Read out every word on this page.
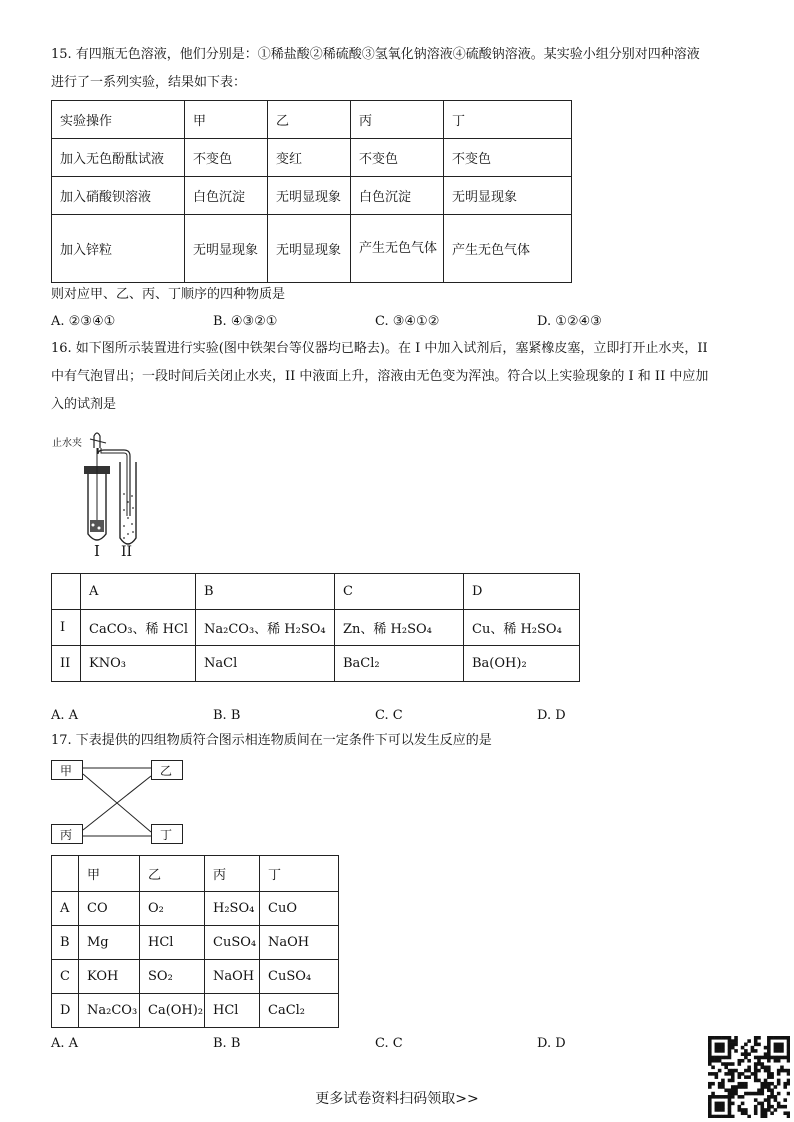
15. 有四瓶无色溶液，他们分别是：①稀盐酸②稀硫酸③氢氧化钠溶液④硫酸钠溶液。某实验小组分别对四种溶液
进行了一系列实验，结果如下表：
实验操作	甲	乙	丙	丁
加入无色酚酞试液	不变色	变红	不变色	不变色
加入硝酸钡溶液	白色沉淀	无明显现象	白色沉淀	无明显现象
加入锌粒	无明显现象	无明显现象	产生无色气体	产生无色气体
则对应甲、乙、丙、丁顺序的四种物质是
A. ②③④①	B. ④③②①	C. ③④①②	D. ①②④③
16. 如下图所示装置进行实验(图中铁架台等仪器均已略去)。在 I 中加入试剂后，塞紧橡皮塞，立即打开止水夹，II
中有气泡冒出；一段时间后关闭止水夹，II 中液面上升，溶液由无色变为浑浊。符合以上实验现象的 I 和 II 中应加
入的试剂是
止水夹
I II
	A	B	C	D
I	CaCO₃、稀 HCl	Na₂CO₃、稀 H₂SO₄	Zn、稀 H₂SO₄	Cu、稀 H₂SO₄
II	KNO₃	NaCl	BaCl₂	Ba(OH)₂
A. A	B. B	C. C	D. D
17. 下表提供的四组物质符合图示相连物质间在一定条件下可以发生反应的是
甲	乙
丙	丁
	甲	乙	丙	丁
A	CO	O₂	H₂SO₄	CuO
B	Mg	HCl	CuSO₄	NaOH
C	KOH	SO₂	NaOH	CuSO₄
D	Na₂CO₃	Ca(OH)₂	HCl	CaCl₂
A. A	B. B	C. C	D. D
更多试卷资料扫码领取>>
